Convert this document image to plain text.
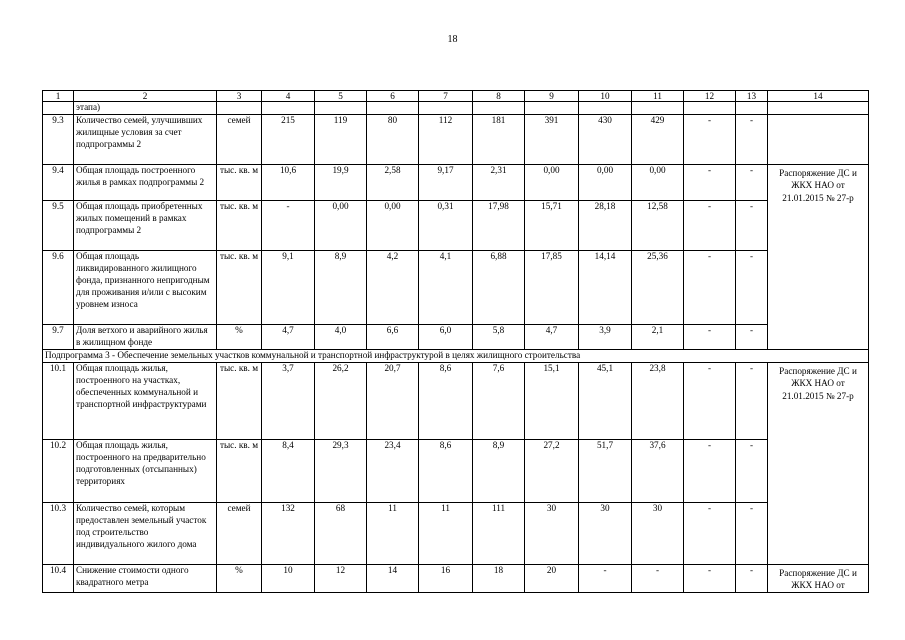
18
1	2	3	4	5	6	7	8	9	10	11	12	13	14
	этапа)												
9.3	Количество семей, улучшивших жилищные условия за счет подпрограммы 2	семей	215	119	80	112	181	391	430	429	-	-	
9.4	Общая площадь построенного жилья в рамках подпрограммы 2	тыс. кв. м	10,6	19,9	2,58	9,17	2,31	0,00	0,00	0,00	-	-	Распоряжение ДС и ЖКХ НАО от 21.01.2015 № 27-р
9.5	Общая площадь приобретенных жилых помещений в рамках подпрограммы 2	тыс. кв. м	-	0,00	0,00	0,31	17,98	15,71	28,18	12,58	-	-	
9.6	Общая площадь ликвидированного жилищного фонда, признанного непригодным для проживания и/или с высоким уровнем износа	тыс. кв. м	9,1	8,9	4,2	4,1	6,88	17,85	14,14	25,36	-	-	
9.7	Доля ветхого и аварийного жилья в жилищном фонде	%	4,7	4,0	6,6	6,0	5,8	4,7	3,9	2,1	-	-	
Подпрограмма 3 - Обеспечение земельных участков коммунальной и транспортной инфраструктурой в целях жилищного строительства													
10.1	Общая площадь жилья, построенного на участках, обеспеченных коммунальной и транспортной инфраструктурами	тыс. кв. м	3,7	26,2	20,7	8,6	7,6	15,1	45,1	23,8	-	-	Распоряжение ДС и ЖКХ НАО от 21.01.2015 № 27-р
10.2	Общая площадь жилья, построенного на предварительно подготовленных (отсыпанных) территориях	тыс. кв. м	8,4	29,3	23,4	8,6	8,9	27,2	51,7	37,6	-	-	
10.3	Количество семей, которым предоставлен земельный участок под строительство индивидуального жилого дома	семей	132	68	11	11	111	30	30	30	-	-	
10.4	Снижение стоимости одного квадратного метра	%	10	12	14	16	18	20	-	-	-	-	Распоряжение ДС и ЖКХ НАО от
